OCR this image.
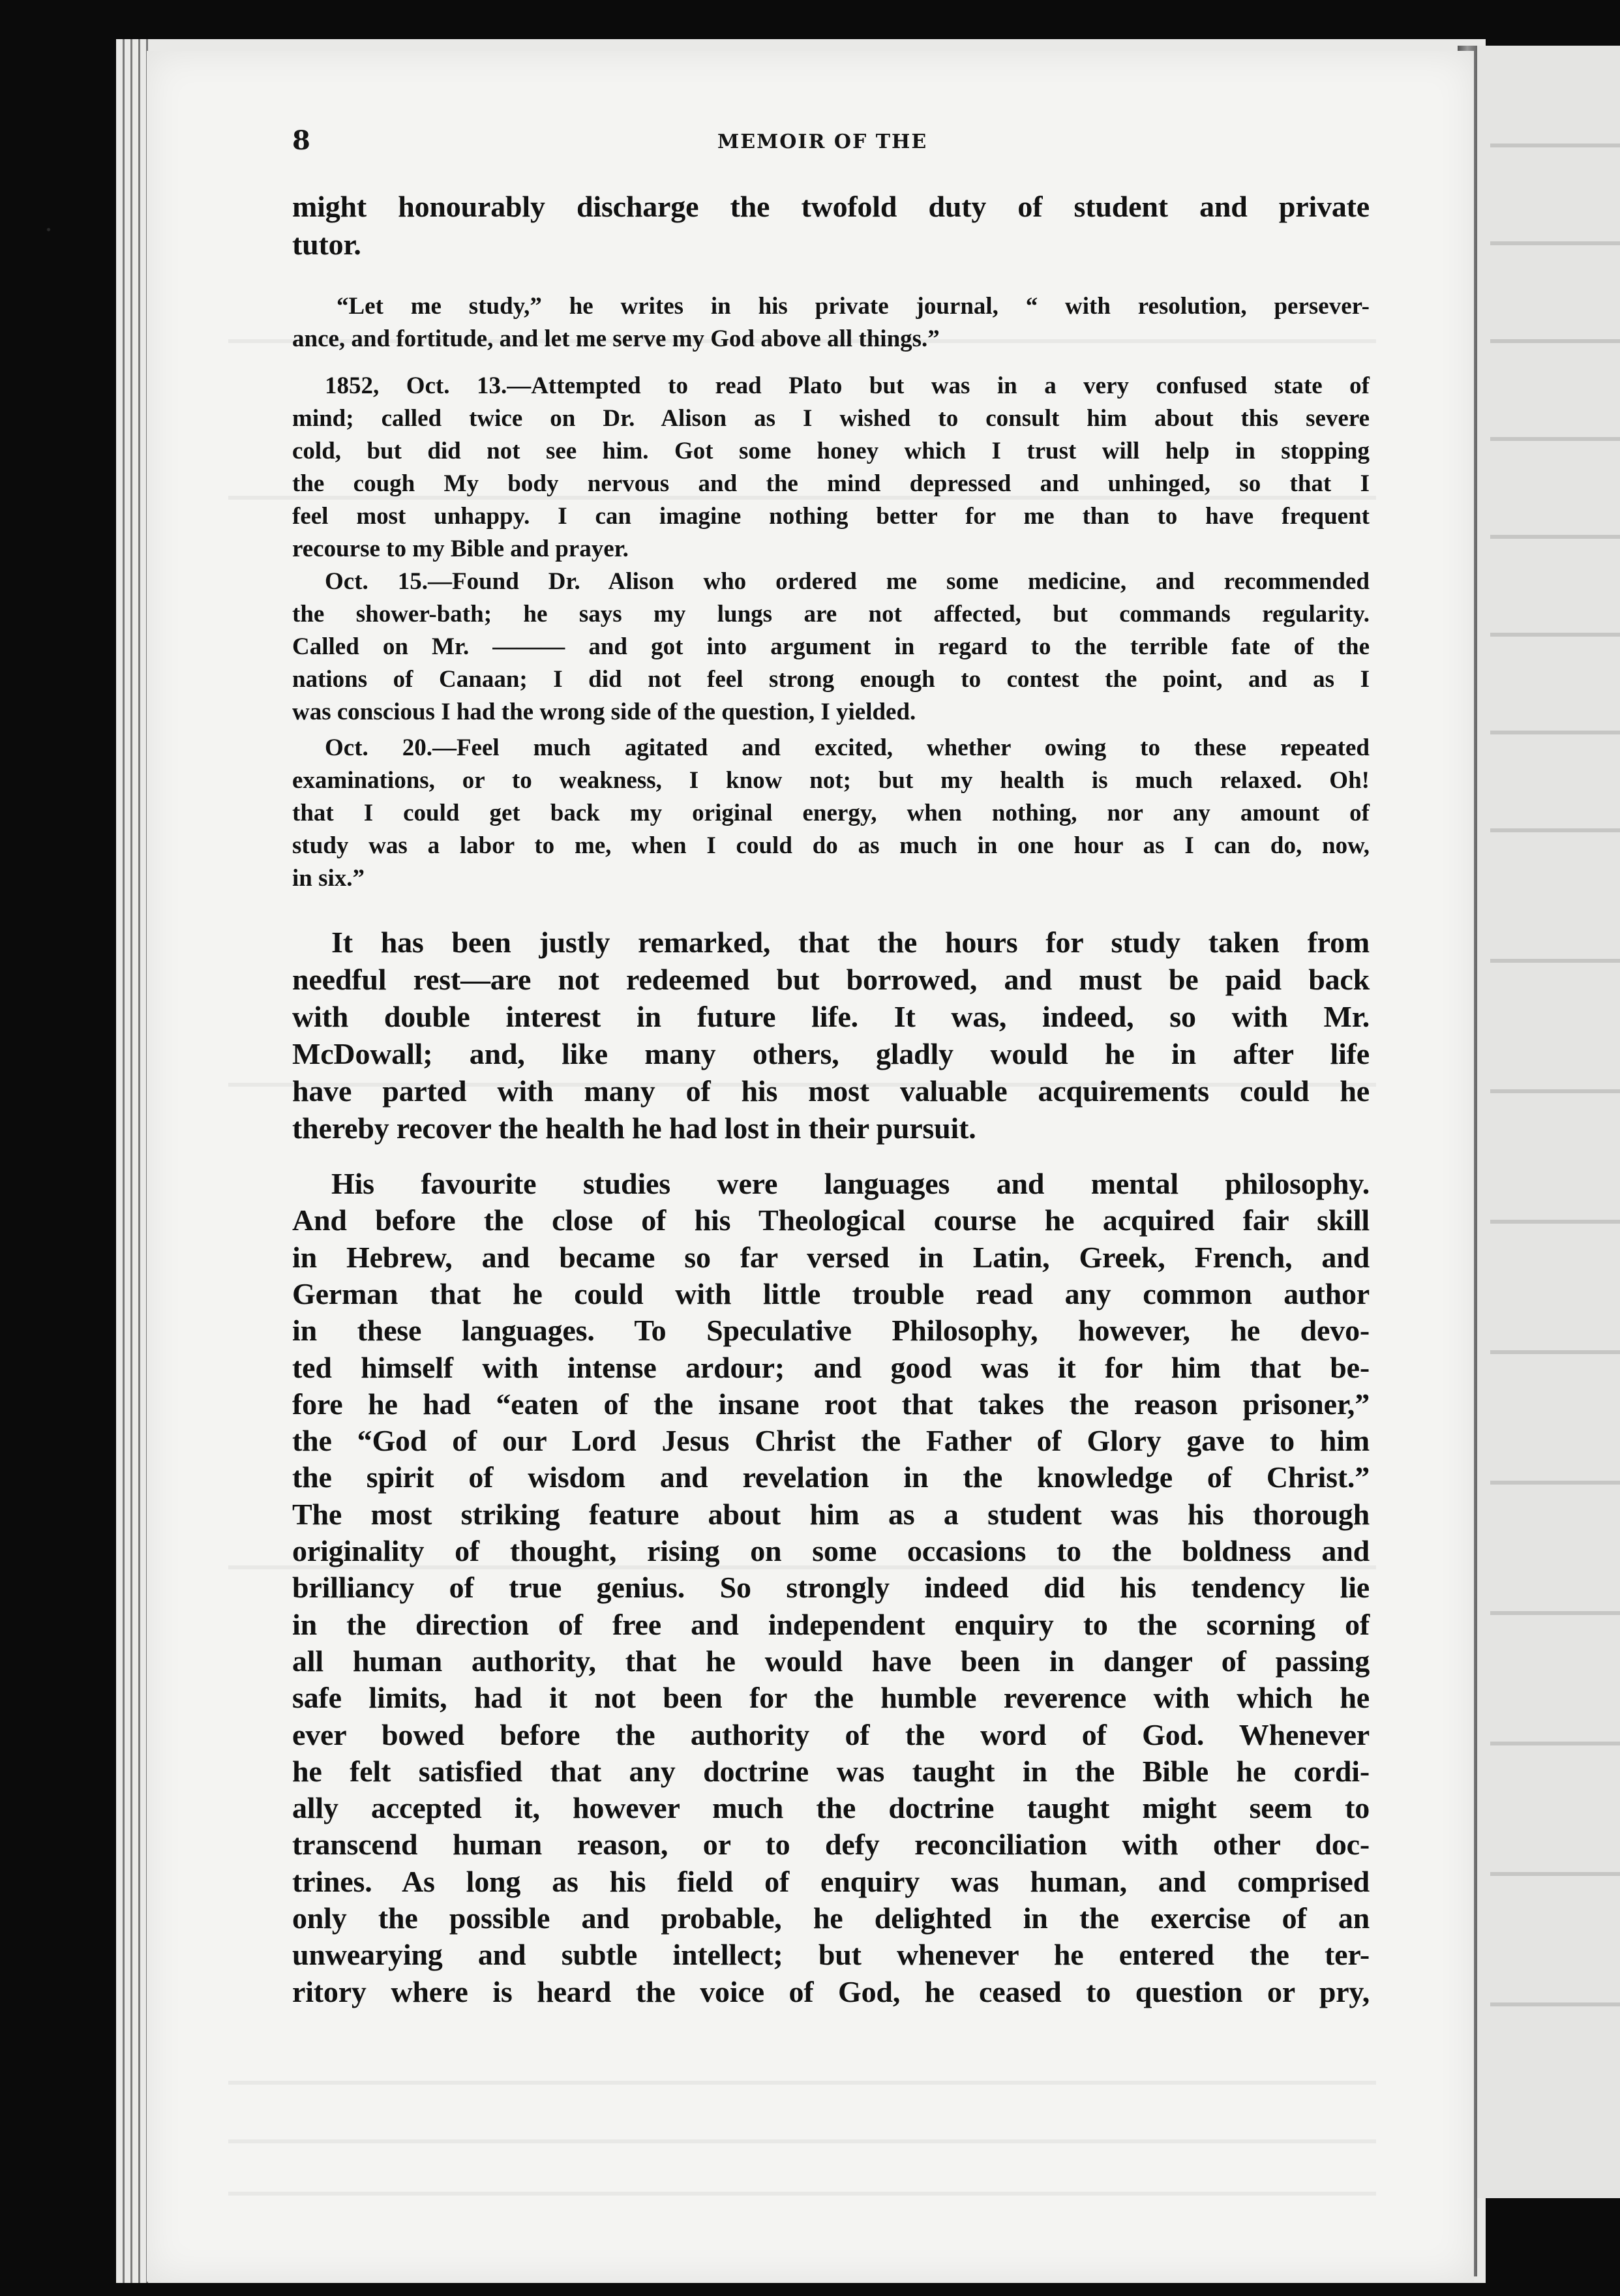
8	MEMOIR OF THE
might honourably discharge the twofold duty of student and private
tutor.
“Let me study,” he writes in his private journal, “ with resolution, persever-
ance, and fortitude, and let me serve my God above all things.”
1852, Oct. 13.—Attempted to read Plato but was in a very confused state of
mind; called twice on Dr. Alison as I wished to consult him about this severe
cold, but did not see him. Got some honey which I trust will help in stopping
the cough My body nervous and the mind depressed and unhinged, so that I
feel most unhappy. I can imagine nothing better for me than to have frequent
recourse to my Bible and prayer.
Oct. 15.—Found Dr. Alison who ordered me some medicine, and recommended
the shower-bath; he says my lungs are not affected, but commands regularity.
Called on Mr. ——— and got into argument in regard to the terrible fate of the
nations of Canaan; I did not feel strong enough to contest the point, and as I
was conscious I had the wrong side of the question, I yielded.
Oct. 20.—Feel much agitated and excited, whether owing to these repeated
examinations, or to weakness, I know not; but my health is much relaxed. Oh!
that I could get back my original energy, when nothing, nor any amount of
study was a labor to me, when I could do as much in one hour as I can do, now,
in six.”
It has been justly remarked, that the hours for study taken from
needful rest—are not redeemed but borrowed, and must be paid back
with double interest in future life. It was, indeed, so with Mr.
McDowall; and, like many others, gladly would he in after life
have parted with many of his most valuable acquirements could he
thereby recover the health he had lost in their pursuit.
His favourite studies were languages and mental philosophy.
And before the close of his Theological course he acquired fair skill
in Hebrew, and became so far versed in Latin, Greek, French, and
German that he could with little trouble read any common author
in these languages. To Speculative Philosophy, however, he devo-
ted himself with intense ardour; and good was it for him that be-
fore he had “eaten of the insane root that takes the reason prisoner,”
the “God of our Lord Jesus Christ the Father of Glory gave to him
the spirit of wisdom and revelation in the knowledge of Christ.”
The most striking feature about him as a student was his thorough
originality of thought, rising on some occasions to the boldness and
brilliancy of true genius. So strongly indeed did his tendency lie
in the direction of free and independent enquiry to the scorning of
all human authority, that he would have been in danger of passing
safe limits, had it not been for the humble reverence with which he
ever bowed before the authority of the word of God. Whenever
he felt satisfied that any doctrine was taught in the Bible he cordi-
ally accepted it, however much the doctrine taught might seem to
transcend human reason, or to defy reconciliation with other doc-
trines. As long as his field of enquiry was human, and comprised
only the possible and probable, he delighted in the exercise of an
unwearying and subtle intellect; but whenever he entered the ter-
ritory where is heard the voice of God, he ceased to question or pry,
